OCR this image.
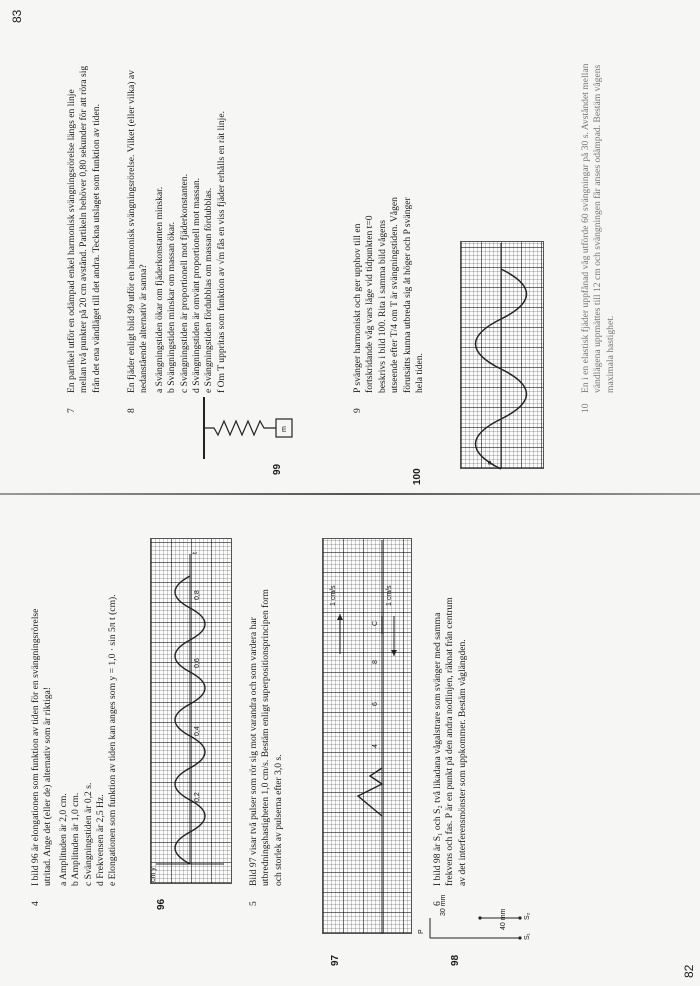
82
4
I bild 96 är elongationen som funktion av tiden för en svängningsrörelse utritad. Ange det (eller de) alternativ som är riktiga! a Amplituden är 2,0 cm. b Amplituden är 1,0 cm. c Svängningstiden är 0,2 s. d Frekvensen är 2,5 Hz. e Elongationen som funktion av tiden kan anges som y = 1,0 · sin 5π t (cm).
96
cm y
t
0,2
0,4
0,6
0,8
5
Bild 97 visar två pulser som rör sig mot varandra och som vardera har utbredningshastigheten 1,0 cm/s. Bestäm enligt superpositionsprincipen form och storlek av pulserna efter 3,0 s.
97
1 cm/s	1 cm/s
4
6
8
C
6
I bild 98 är S₁ och S₂ två likadana vågalstrare som svänger med samma frekvens och fas. P är en punkt på den andra nodlinjen, räknat från centrum av det interferensmönster som uppkommer. Bestäm våglängden.
98
P
S₁
S₂
40 mm
30 mm
83
7
En partikel utför en odämpad enkel harmonisk svängningsrörelse längs en linje mellan två punkter på 20 cm avstånd. Partikeln behöver 0,80 sekunder för att röra sig från det ena vändläget till det andra. Teckna utslaget som funktion av tiden.
8
En fjäder enligt bild 99 utför en harmonisk svängningsrörelse. Vilket (eller vilka) av nedanstående alternativ är sanna? a Svängningstiden ökar om fjäderkonstanten minskar. b Svängningstiden minskar om massan ökar. c Svängningstiden är proportionell mot fjäderkonstanten. d Svängningstiden är omvänt proportionell mot massan. e Svängningstiden fördubblas om massan fördubblas. f Om T uppritas som funktion av √m fås en viss fjäder erhålls en rät linje.
99
m
9
P svänger harmoniskt och ger upphov till en fortskridande våg vars läge vid tidpunkten t=0 beskrivs i bild 100. Rita i samma bild vågens utseende efter T/4 om T är svängningstiden. Vågen förutsätts kunna utbreda sig åt höger och P svänger hela tiden.
100
P
10
En i en elastisk fjäder uppfånad våg utförde 60 svängningar på 30 s. Avståndet mellan vändlägena uppmättes till 12 cm och svängningen får anses odämpad. Bestäm vågens maximala hastighet.
